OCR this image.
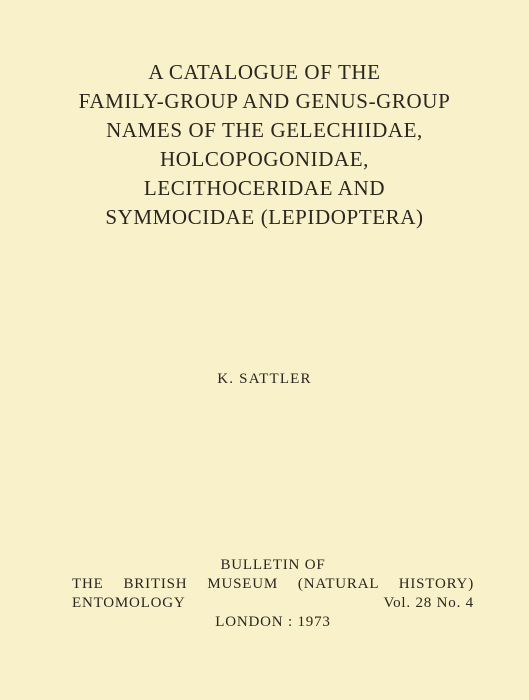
A CATALOGUE OF THE
FAMILY-GROUP AND GENUS-GROUP
NAMES OF THE GELECHIIDAE,
HOLCOPOGONIDAE,
LECITHOCERIDAE AND
SYMMOCIDAE (LEPIDOPTERA)
K. SATTLER
BULLETIN OF
THE BRITISH MUSEUM (NATURAL HISTORY)
ENTOMOLOGY	Vol. 28 No. 4
LONDON : 1973
